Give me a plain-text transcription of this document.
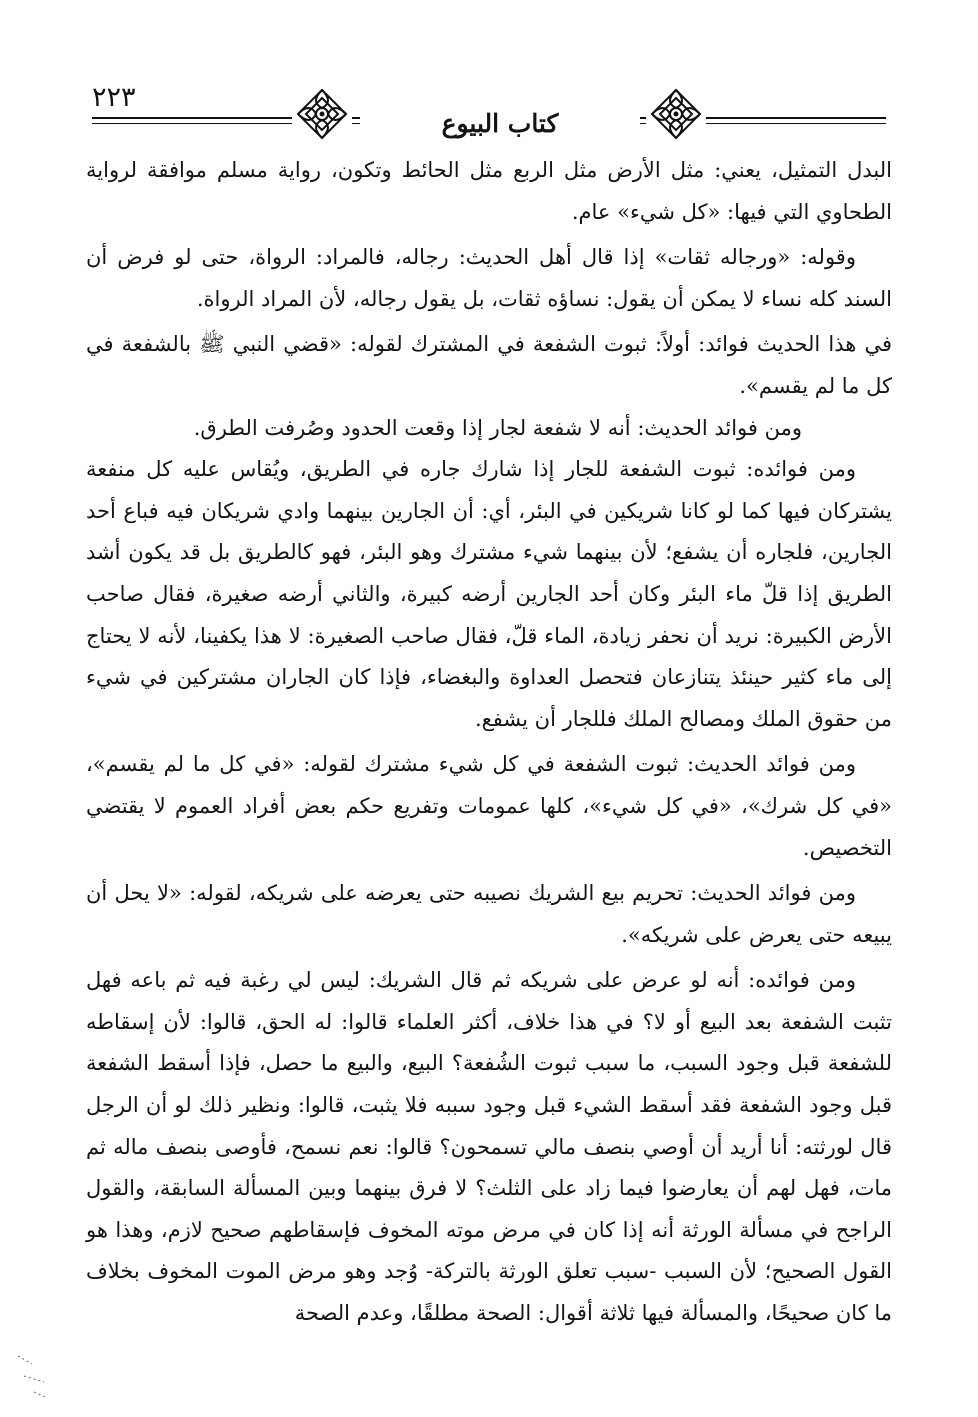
٢٢٣
كتاب البيوع

البدل التمثيل، يعني: مثل الأرض مثل الربع مثل الحائط وتكون، رواية مسلم موافقة لرواية الطحاوي التي فيها: «كل شيء» عام.

وقوله: «ورجاله ثقات» إذا قال أهل الحديث: رجاله، فالمراد: الرواة، حتى لو فرض أن السند كله نساء لا يمكن أن يقول: نساؤه ثقات، بل يقول رجاله، لأن المراد الرواة.

في هذا الحديث فوائد: أولاً: ثبوت الشفعة في المشترك لقوله: «قضي النبي ﷺ بالشفعة في كل ما لم يقسم».

ومن فوائد الحديث: أنه لا شفعة لجار إذا وقعت الحدود وصُرفت الطرق.

ومن فوائده: ثبوت الشفعة للجار إذا شارك جاره في الطريق، ويُقاس عليه كل منفعة يشتركان فيها كما لو كانا شريكين في البئر، أي: أن الجارين بينهما وادي شريكان فيه فباع أحد الجارين، فلجاره أن يشفع؛ لأن بينهما شيء مشترك وهو البئر، فهو كالطريق بل قد يكون أشد الطريق إذا قلّ ماء البئر وكان أحد الجارين أرضه كبيرة، والثاني أرضه صغيرة، فقال صاحب الأرض الكبيرة: نريد أن نحفر زيادة، الماء قلّ، فقال صاحب الصغيرة: لا هذا يكفينا، لأنه لا يحتاج إلى ماء كثير حينئذ يتنازعان فتحصل العداوة والبغضاء، فإذا كان الجاران مشتركين في شيء من حقوق الملك ومصالح الملك فللجار أن يشفع.

ومن فوائد الحديث: ثبوت الشفعة في كل شيء مشترك لقوله: «في كل ما لم يقسم»، «في كل شرك»، «في كل شيء»، كلها عمومات وتفريع حكم بعض أفراد العموم لا يقتضي التخصيص.

ومن فوائد الحديث: تحريم بيع الشريك نصيبه حتى يعرضه على شريكه، لقوله: «لا يحل أن يبيعه حتى يعرض على شريكه».

ومن فوائده: أنه لو عرض على شريكه ثم قال الشريك: ليس لي رغبة فيه ثم باعه فهل تثبت الشفعة بعد البيع أو لا؟ في هذا خلاف، أكثر العلماء قالوا: له الحق، قالوا: لأن إسقاطه للشفعة قبل وجود السبب، ما سبب ثبوت الشُفعة؟ البيع، والبيع ما حصل، فإذا أسقط الشفعة قبل وجود الشفعة فقد أسقط الشيء قبل وجود سببه فلا يثبت، قالوا: ونظير ذلك لو أن الرجل قال لورثته: أنا أريد أن أوصي بنصف مالي تسمحون؟ قالوا: نعم نسمح، فأوصى بنصف ماله ثم مات، فهل لهم أن يعارضوا فيما زاد على الثلث؟ لا فرق بينهما وبين المسألة السابقة، والقول الراجح في مسألة الورثة أنه إذا كان في مرض موته المخوف فإسقاطهم صحيح لازم، وهذا هو القول الصحيح؛ لأن السبب -سبب تعلق الورثة بالتركة- وُجد وهو مرض الموت المخوف بخلاف ما كان صحيحًا، والمسألة فيها ثلاثة أقوال: الصحة مطلقًا، وعدم الصحة
